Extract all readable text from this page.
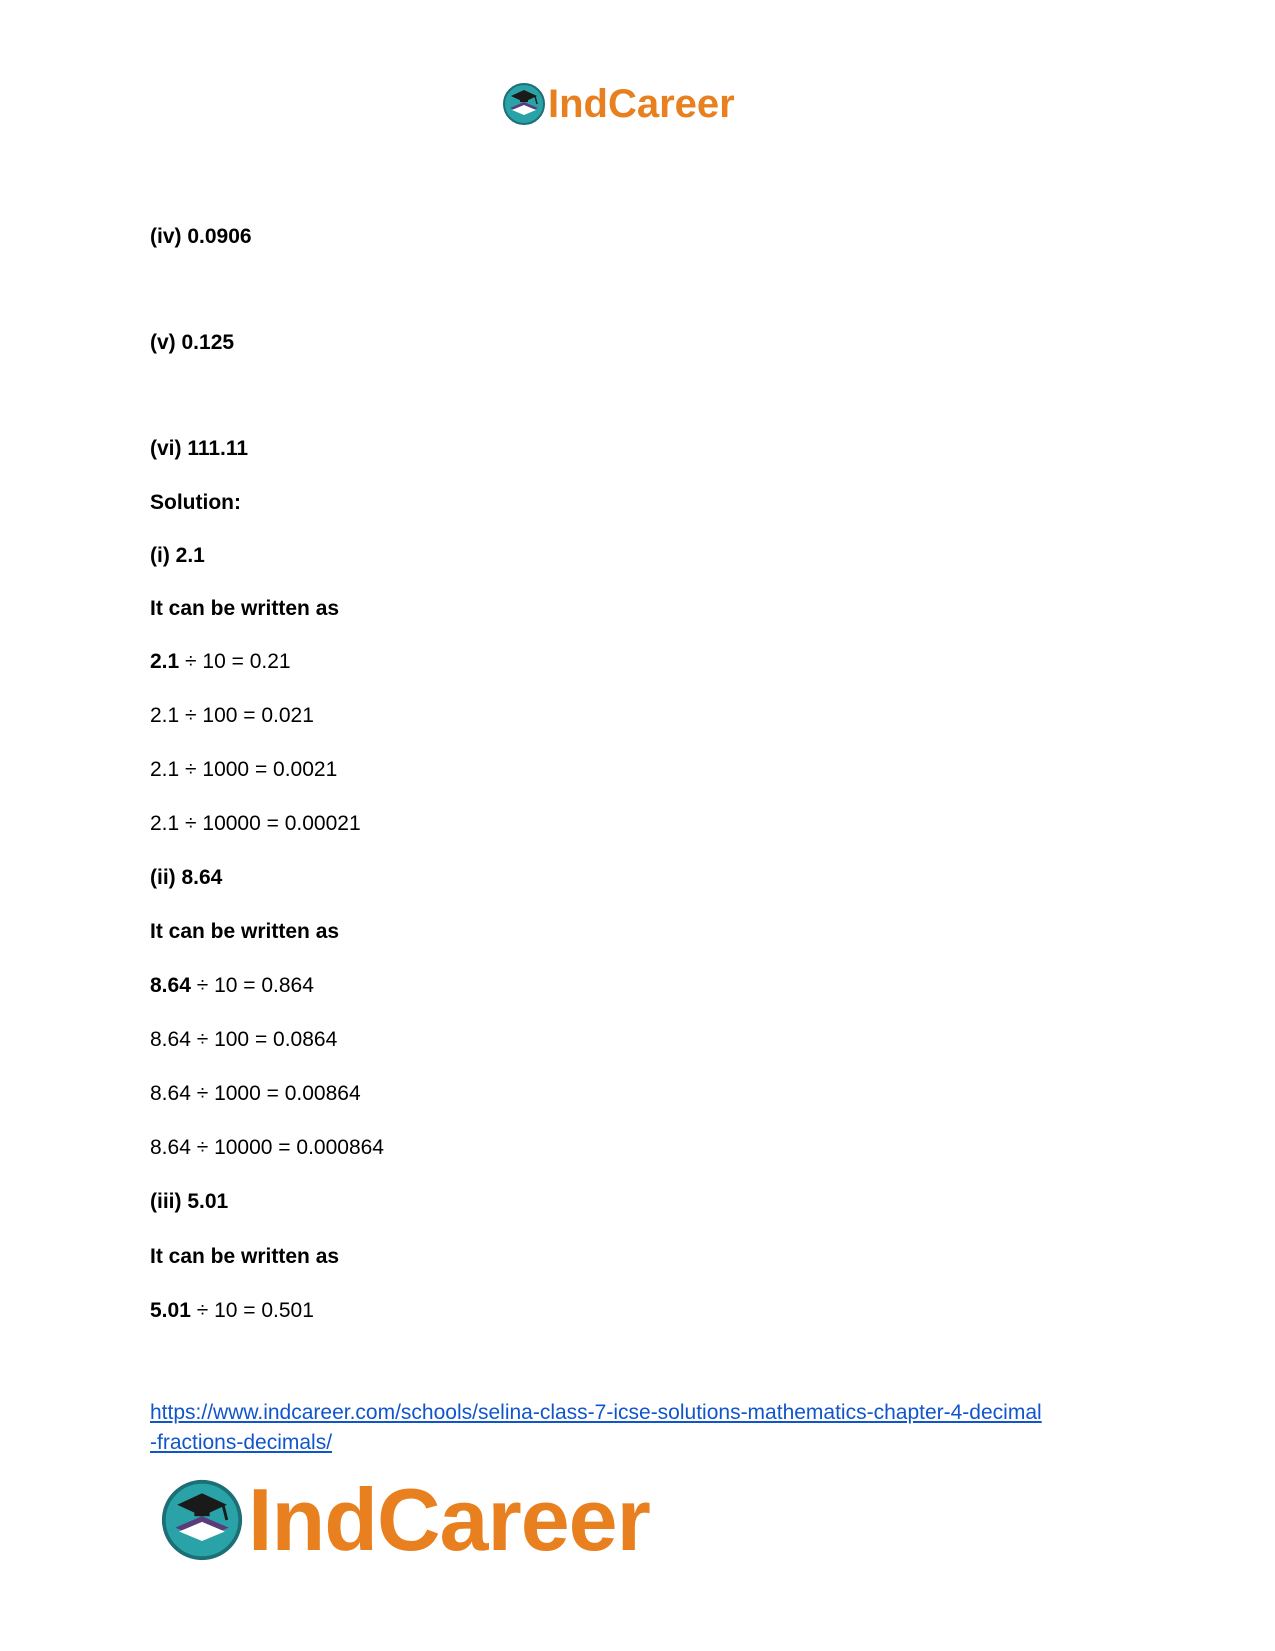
IndCareer
(iv) 0.0906
(v) 0.125
(vi) 111.11
Solution:
(i) 2.1
It can be written as
2.1 ÷ 10 = 0.21
2.1 ÷ 100 = 0.021
2.1 ÷ 1000 = 0.0021
2.1 ÷ 10000 = 0.00021
(ii) 8.64
It can be written as
8.64 ÷ 10 = 0.864
8.64 ÷ 100 = 0.0864
8.64 ÷ 1000 = 0.00864
8.64 ÷ 10000 = 0.000864
(iii) 5.01
It can be written as
5.01 ÷ 10 = 0.501
https://www.indcareer.com/schools/selina-class-7-icse-solutions-mathematics-chapter-4-decimal
-fractions-decimals/
IndCareer
